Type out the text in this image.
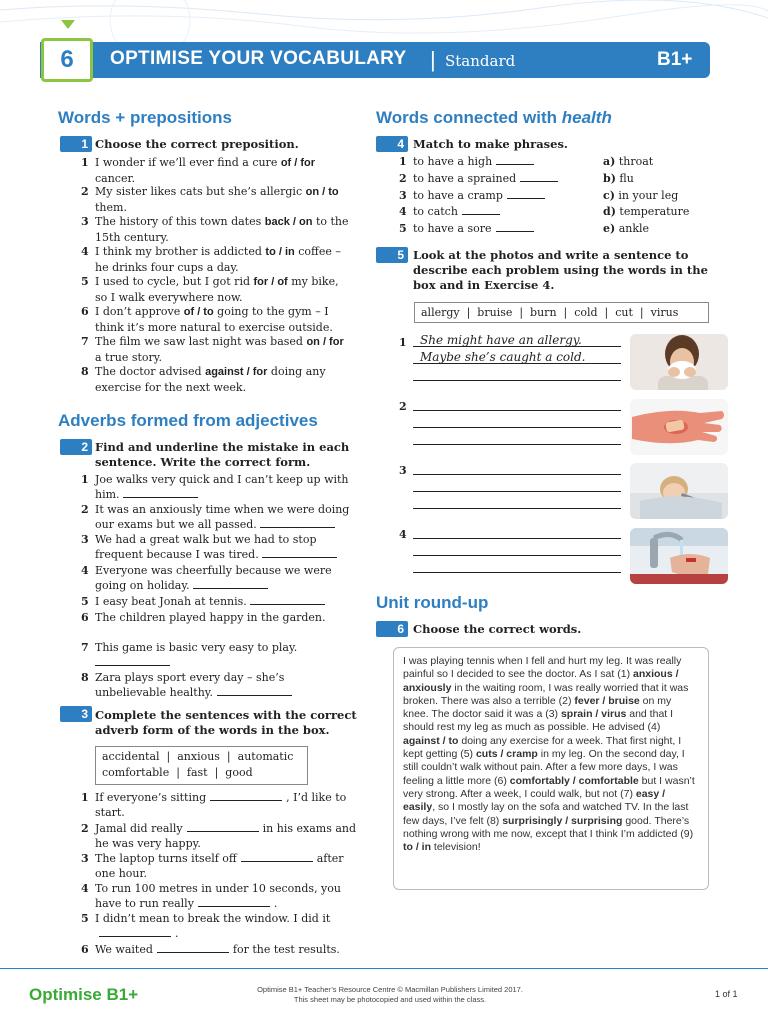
6 OPTIMISE YOUR VOCABULARY | Standard	B1+
Words + prepositions
1 Choose the correct preposition.
1 I wonder if we’ll ever find a cure of / for cancer.
2 My sister likes cats but she’s allergic on / to them.
3 The history of this town dates back / on to the 15th century.
4 I think my brother is addicted to / in coffee – he drinks four cups a day.
5 I used to cycle, but I got rid for / of my bike, so I walk everywhere now.
6 I don’t approve of / to going to the gym – I think it’s more natural to exercise outside.
7 The film we saw last night was based on / for a true story.
8 The doctor advised against / for doing any exercise for the next week.
Adverbs formed from adjectives
2 Find and underline the mistake in each sentence. Write the correct form.
1 Joe walks very quick and I can’t keep up with him.
2 It was an anxiously time when we were doing our exams but we all passed.
3 We had a great walk but we had to stop frequent because I was tired.
4 Everyone was cheerfully because we were going on holiday.
5 I easy beat Jonah at tennis.
6 The children played happy in the garden.
7 This game is basic very easy to play.
8 Zara plays sport every day – she’s unbelievable healthy.
3 Complete the sentences with the correct adverb form of the words in the box.
accidental  |  anxious  |  automatic
comfortable  |  fast  |  good
1 If everyone’s sitting	, I’d like to start.
2 Jamal did really	in his exams and he was very happy.
3 The laptop turns itself off	after one hour.
4 To run 100 metres in under 10 seconds, you have to run really	.
5 I didn’t mean to break the window. I did it.
6 We waited	for the test results.
Words connected with health
4 Match to make phrases.
1 to have a high	a) throat
2 to have a sprained	b) flu
3 to have a cramp	c) in your leg
4 to catch	d) temperature
5 to have a sore	e) ankle
5 Look at the photos and write a sentence to describe each problem using the words in the box and in Exercise 4.
allergy  |  bruise  |  burn  |  cold  |  cut  |  virus
1
2
3
4
She might have an allergy.
Maybe she’s caught a cold.
Unit round-up
6 Choose the correct words.
I was playing tennis when I fell and hurt my leg. It was really painful so I decided to see the doctor. As I sat (1) anxious / anxiously in the waiting room, I was really worried that it was broken. There was also a terrible (2) fever / bruise on my knee. The doctor said it was a (3) sprain / virus and that I should rest my leg as much as possible. He advised (4) against / to doing any exercise for a week. That first night, I kept getting (5) cuts / cramp in my leg. On the second day, I still couldn’t walk without pain. After a few more days, I was feeling a little more (6) comfortably / comfortable but I wasn’t very strong. After a week, I could walk, but not (7) easy / easily, so I mostly lay on the sofa and watched TV. In the last few days, I’ve felt (8) surprisingly / surprising good. There’s nothing wrong with me now, except that I think I’m addicted (9) to / in television!
Optimise B1+	Optimise B1+ Teacher’s Resource Centre © Macmillan Publishers Limited 2017.
This sheet may be photocopied and used within the class.
1 of 1
